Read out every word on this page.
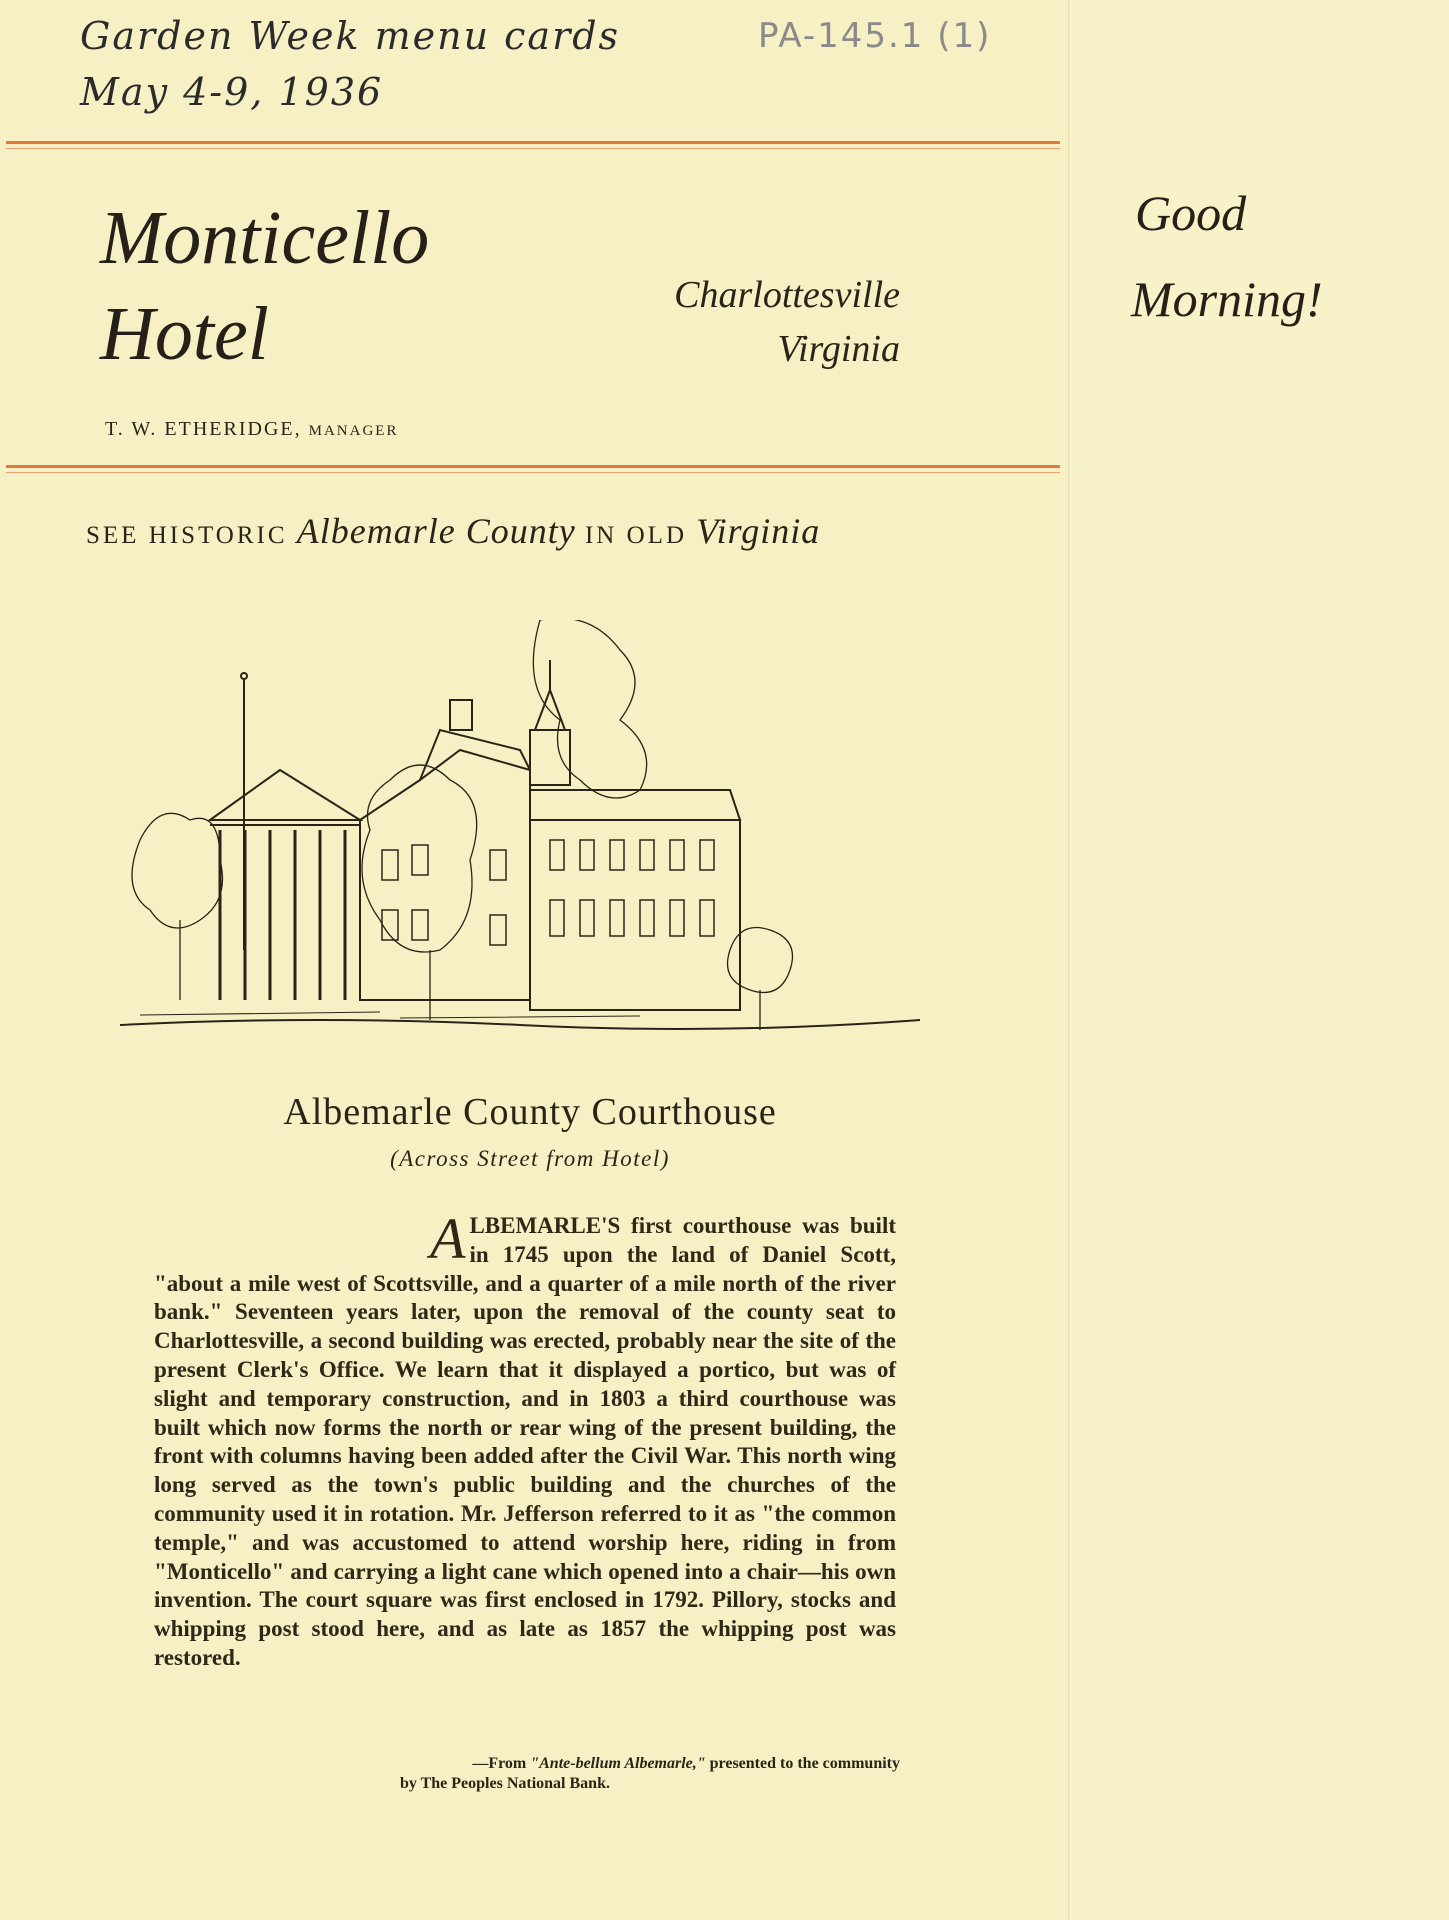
Garden Week menu cards
May 4-9, 1936
PA-145.1 (1)
Monticello
Hotel	Charlottesville
Virginia
T. W. ETHERIDGE, MANAGER
SEE HISTORIC Albemarle County IN OLD Virginia
Good
Morning!
Albemarle County Courthouse
(Across Street from Hotel)
A LBEMARLE'S first courthouse was built in 1745 upon the land of Daniel Scott, "about a mile west of Scottsville, and a quarter of a mile north of the river bank." Seventeen years later, upon the removal of the county seat to Charlottesville, a second building was erected, probably near the site of the present Clerk's Office. We learn that it displayed a portico, but was of slight and temporary construction, and in 1803 a third courthouse was built which now forms the north or rear wing of the present building, the front with columns having been added after the Civil War. This north wing long served as the town's public building and the churches of the community used it in rotation. Mr. Jefferson referred to it as "the common temple," and was accustomed to attend worship here, riding in from "Monticello" and carrying a light cane which opened into a chair—his own invention. The court square was first enclosed in 1792. Pillory, stocks and whipping post stood here, and as late as 1857 the whipping post was restored.
—From "Ante-bellum Albemarle," presented to the community
by The Peoples National Bank.
